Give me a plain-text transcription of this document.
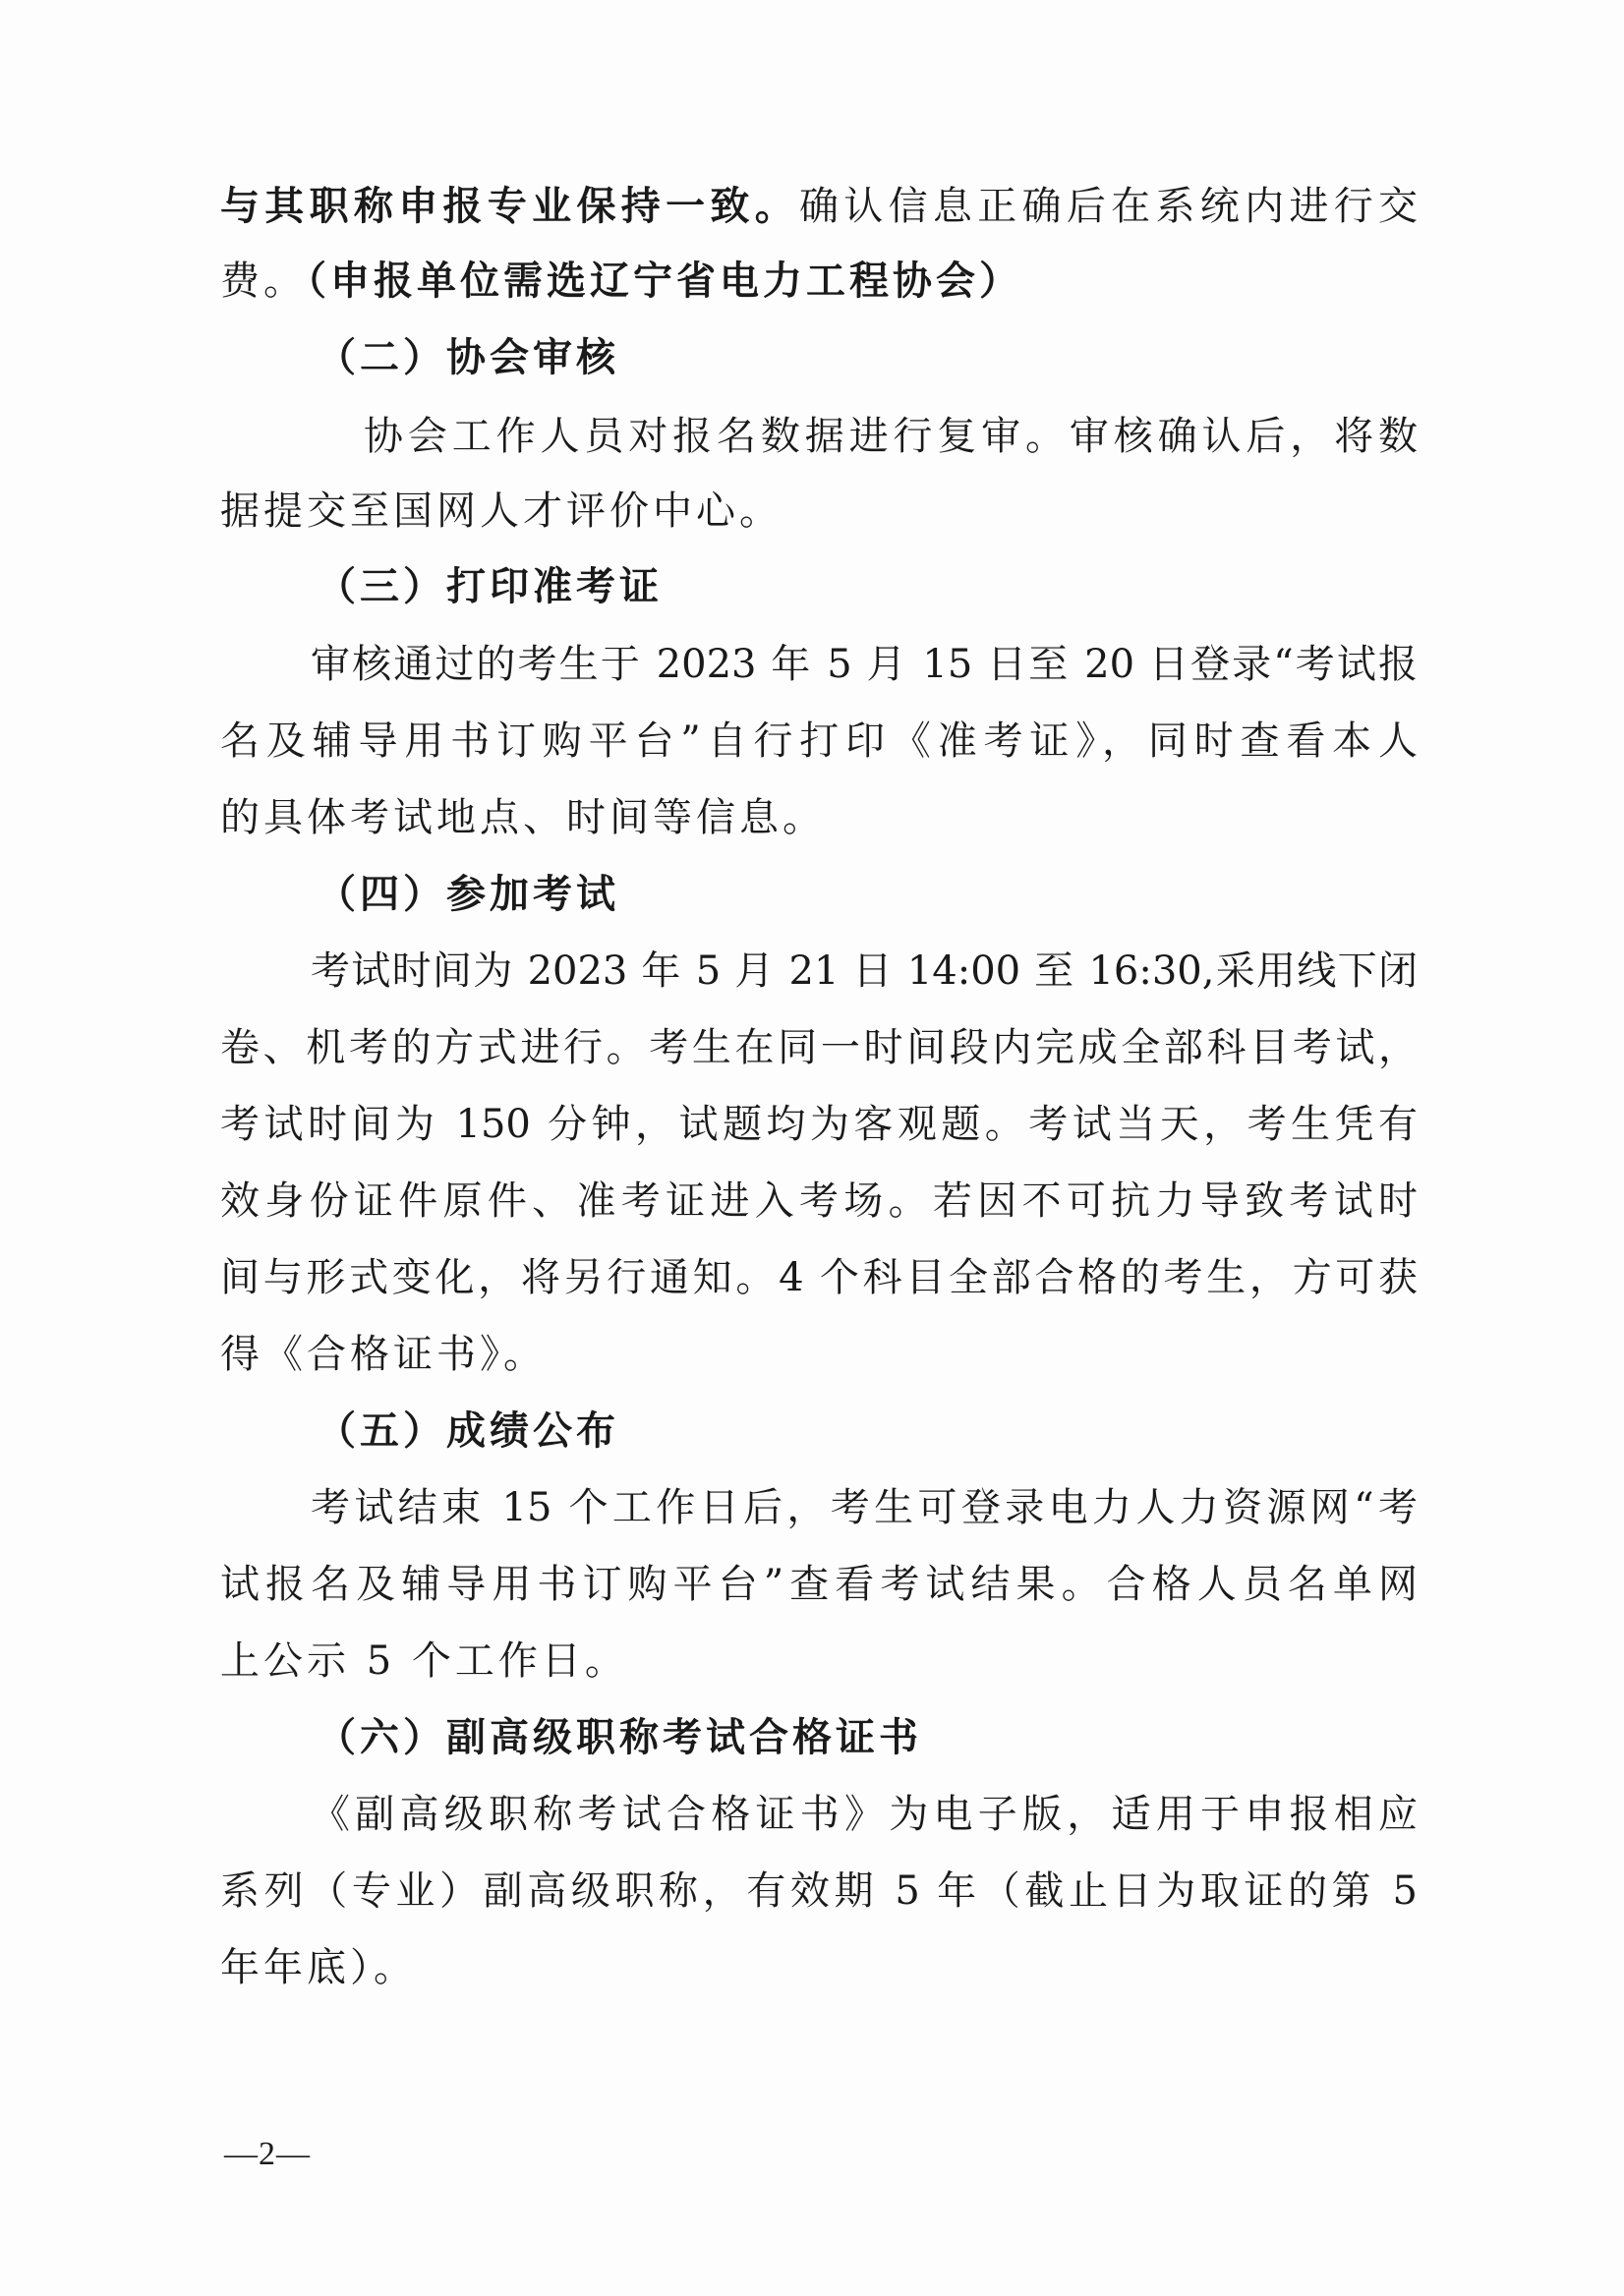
与其职称申报专业保持一致。确认信息正确后在系统内进行交
费。（申报单位需选辽宁省电力工程协会）
（二）协会审核
协会工作人员对报名数据进行复审。审核确认后，将数
据提交至国网人才评价中心。
（三）打印准考证
审核通过的考生于 2023 年 5 月 15 日至 20 日登录“考试报
名及辅导用书订购平台”自行打印《准考证》，同时查看本人
的具体考试地点、时间等信息。
（四）参加考试
考试时间为 2023 年 5 月 21 日 14:00 至 16:30,采用线下闭
卷、机考的方式进行。考生在同一时间段内完成全部科目考试，
考试时间为 150 分钟，试题均为客观题。考试当天，考生凭有
效身份证件原件、准考证进入考场。若因不可抗力导致考试时
间与形式变化，将另行通知。4 个科目全部合格的考生，方可获
得《合格证书》。
（五）成绩公布
考试结束 15 个工作日后，考生可登录电力人力资源网“考
试报名及辅导用书订购平台”查看考试结果。合格人员名单网
上公示 5 个工作日。
（六）副高级职称考试合格证书
《副高级职称考试合格证书》为电子版，适用于申报相应
系列（专业）副高级职称，有效期 5 年（截止日为取证的第 5
年年底）。
—2—
